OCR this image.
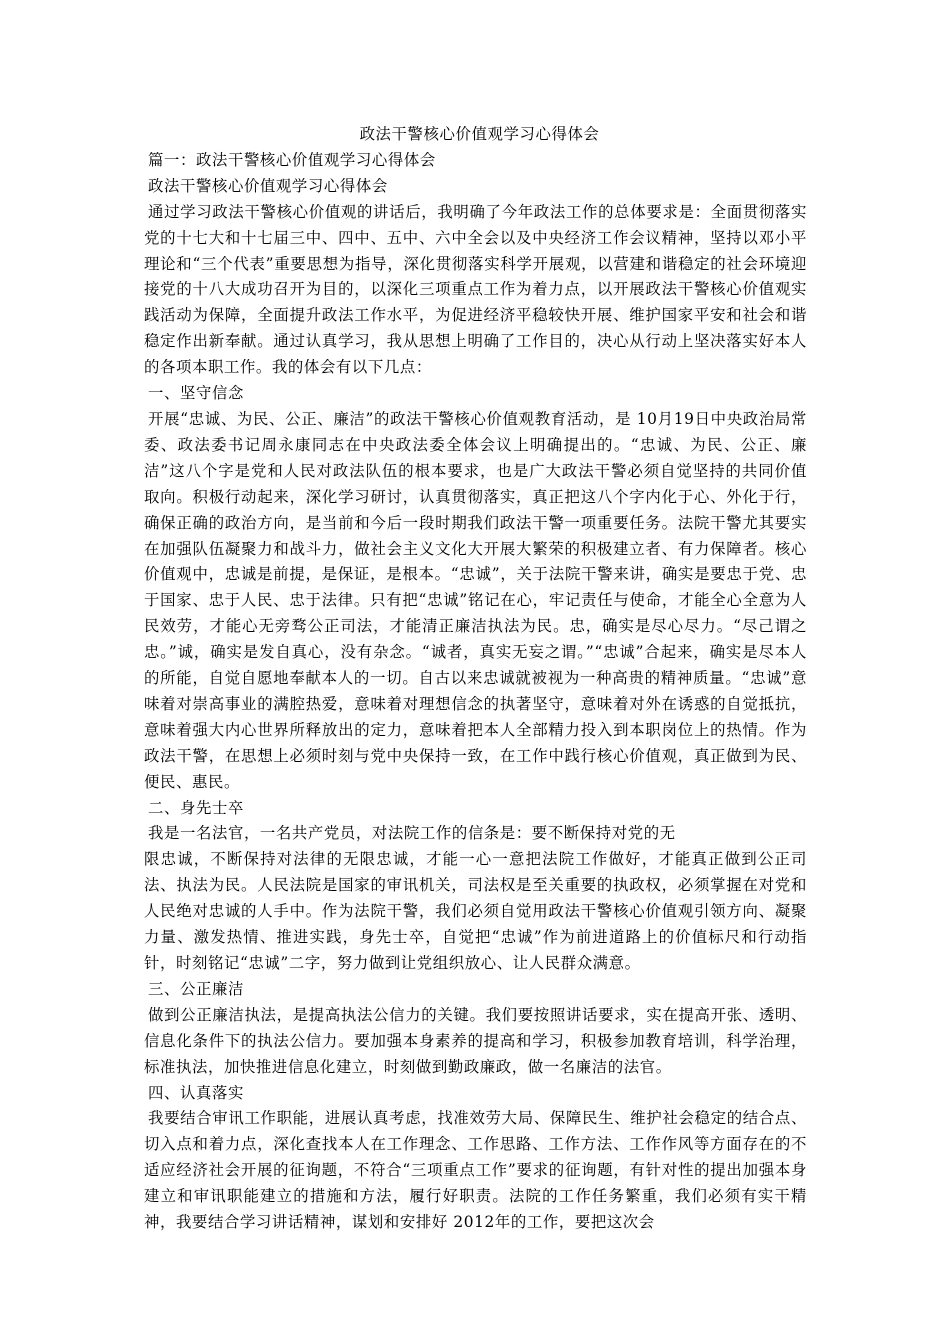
政法干警核心价值观学习心得体会

篇一：政法干警核心价值观学习心得体会

政法干警核心价值观学习心得体会

通过学习政法干警核心价值观的讲话后，我明确了今年政法工作的总体要求是：全面贯彻落实党的十七大和十七届三中、四中、五中、六中全会以及中央经济工作会议精神，坚持以邓小平理论和“三个代表”重要思想为指导，深化贯彻落实科学开展观，以营建和谐稳定的社会环境迎接党的十八大成功召开为目的，以深化三项重点工作为着力点，以开展政法干警核心价值观实践活动为保障，全面提升政法工作水平，为促进经济平稳较快开展、维护国家平安和社会和谐稳定作出新奉献。通过认真学习，我从思想上明确了工作目的，决心从行动上坚决落实好本人的各项本职工作。我的体会有以下几点：

一、坚守信念

开展“忠诚、为民、公正、廉洁”的政法干警核心价值观教育活动，是 10月19日中央政治局常委、政法委书记周永康同志在中央政法委全体会议上明确提出的。“忠诚、为民、公正、廉洁”这八个字是党和人民对政法队伍的根本要求，也是广大政法干警必须自觉坚持的共同价值取向。积极行动起来，深化学习研讨，认真贯彻落实，真正把这八个字内化于心、外化于行，确保正确的政治方向，是当前和今后一段时期我们政法干警一项重要任务。法院干警尤其要实在加强队伍凝聚力和战斗力，做社会主义文化大开展大繁荣的积极建立者、有力保障者。核心价值观中，忠诚是前提，是保证，是根本。“忠诚”，关于法院干警来讲，确实是要忠于党、忠于国家、忠于人民、忠于法律。只有把“忠诚”铭记在心，牢记责任与使命，才能全心全意为人民效劳，才能心无旁骛公正司法，才能清正廉洁执法为民。忠，确实是尽心尽力。“尽己谓之忠。”诚，确实是发自真心，没有杂念。“诚者，真实无妄之谓。”“忠诚”合起来，确实是尽本人的所能，自觉自愿地奉献本人的一切。自古以来忠诚就被视为一种高贵的精神质量。“忠诚”意味着对崇高事业的满腔热爱，意味着对理想信念的执著坚守，意味着对外在诱惑的自觉抵抗，意味着强大内心世界所释放出的定力，意味着把本人全部精力投入到本职岗位上的热情。作为政法干警，在思想上必须时刻与党中央保持一致，在工作中践行核心价值观，真正做到为民、便民、惠民。

二、身先士卒

我是一名法官，一名共产党员，对法院工作的信条是：要不断保持对党的无

限忠诚，不断保持对法律的无限忠诚，才能一心一意把法院工作做好，才能真正做到公正司法、执法为民。人民法院是国家的审讯机关，司法权是至关重要的执政权，必须掌握在对党和人民绝对忠诚的人手中。作为法院干警，我们必须自觉用政法干警核心价值观引领方向、凝聚力量、激发热情、推进实践，身先士卒，自觉把“忠诚”作为前进道路上的价值标尺和行动指针，时刻铭记“忠诚”二字，努力做到让党组织放心、让人民群众满意。

三、公正廉洁

做到公正廉洁执法，是提高执法公信力的关键。我们要按照讲话要求，实在提高开张、透明、信息化条件下的执法公信力。要加强本身素养的提高和学习，积极参加教育培训，科学治理，标准执法，加快推进信息化建立，时刻做到勤政廉政，做一名廉洁的法官。

四、认真落实

我要结合审讯工作职能，进展认真考虑，找准效劳大局、保障民生、维护社会稳定的结合点、切入点和着力点，深化查找本人在工作理念、工作思路、工作方法、工作作风等方面存在的不适应经济社会开展的征询题，不符合“三项重点工作”要求的征询题，有针对性的提出加强本身建立和审讯职能建立的措施和方法，履行好职责。法院的工作任务繁重，我们必须有实干精神，我要结合学习讲话精神，谋划和安排好 2012年的工作，要把这次会
